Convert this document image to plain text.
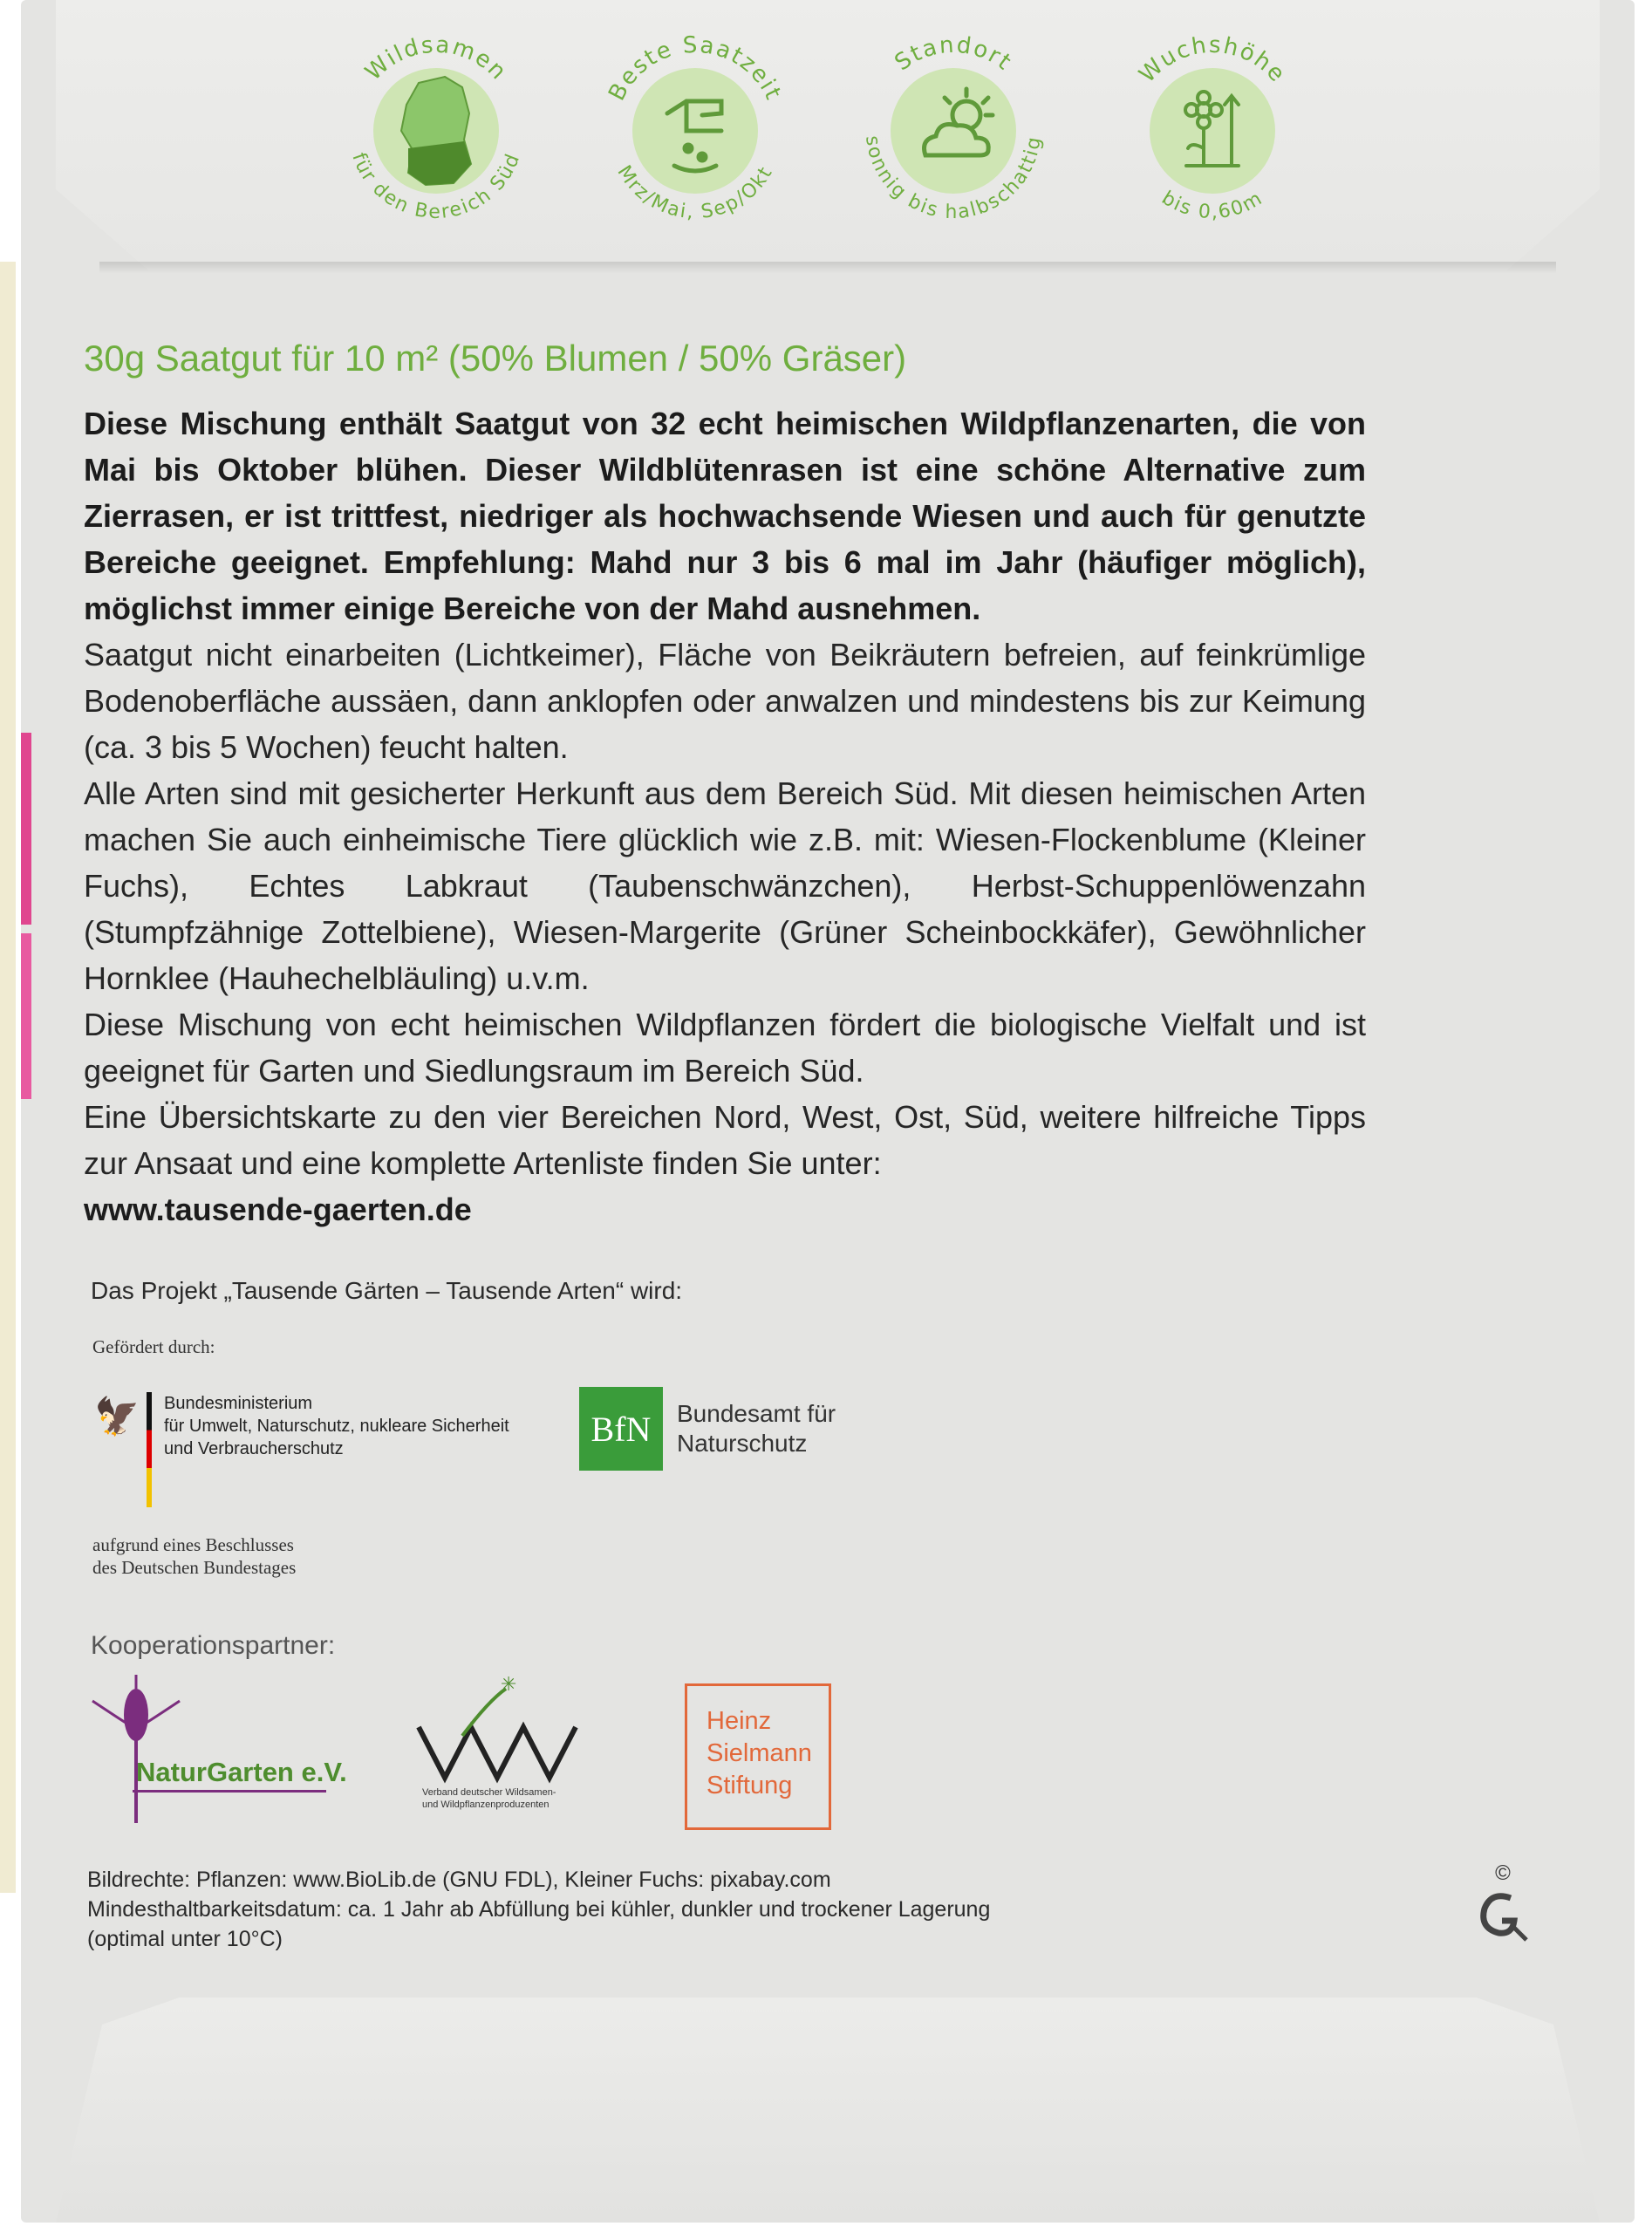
Wildsamen
für den Bereich Süd
Beste Saatzeit
Mrz/Mai, Sep/Okt
Standort
sonnig bis halbschattig
Wuchshöhe
bis 0,60m
30g Saatgut für 10 m² (50% Blumen / 50% Gräser)

Diese Mischung enthält Saatgut von 32 echt heimischen Wildpflanzenarten, die von Mai bis Oktober blühen. Dieser Wildblütenrasen ist eine schöne Alternative zum Zierrasen, er ist trittfest, niedriger als hochwachsende Wiesen und auch für genutzte Bereiche geeignet. Empfehlung: Mahd nur 3 bis 6 mal im Jahr (häufiger möglich), möglichst immer einige Bereiche von der Mahd ausnehmen.

Saatgut nicht einarbeiten (Lichtkeimer), Fläche von Beikräutern befreien, auf feinkrümlige Bodenoberfläche aussäen, dann anklopfen oder anwalzen und mindestens bis zur Keimung (ca. 3 bis 5 Wochen) feucht halten.

Alle Arten sind mit gesicherter Herkunft aus dem Bereich Süd. Mit diesen heimischen Arten machen Sie auch einheimische Tiere glücklich wie z.B. mit: Wiesen-Flockenblume (Kleiner Fuchs), Echtes Labkraut (Taubenschwänzchen), Herbst-Schuppenlöwenzahn (Stumpfzähnige Zottelbiene), Wiesen-Margerite (Grüner Scheinbockkäfer), Gewöhnlicher Hornklee (Hauhechelbläuling) u.v.m.

Diese Mischung von echt heimischen Wildpflanzen fördert die biologische Vielfalt und ist geeignet für Garten und Siedlungsraum im Bereich Süd.

Eine Übersichtskarte zu den vier Bereichen Nord, West, Ost, Süd, weitere hilfreiche Tipps zur Ansaat und eine komplette Artenliste finden Sie unter:

www.tausende-gaerten.de

Das Projekt „Tausende Gärten – Tausende Arten“ wird:
Gefördert durch:
🦅 Bundesministerium
für Umwelt, Naturschutz, nukleare Sicherheit
und Verbraucherschutz
BfN	Bundesamt für
Naturschutz
aufgrund eines Beschlusses
des Deutschen Bundestages
Kooperationspartner:
NaturGarten e.V.
✳
Verband deutscher Wildsamen-
und Wildpflanzenproduzenten
Heinz
Sielmann
Stiftung
Bildrechte: Pflanzen: www.BioLib.de (GNU FDL), Kleiner Fuchs: pixabay.com
Mindesthaltbarkeitsdatum: ca. 1 Jahr ab Abfüllung bei kühler, dunkler und trockener Lagerung
(optimal unter 10°C)
©
